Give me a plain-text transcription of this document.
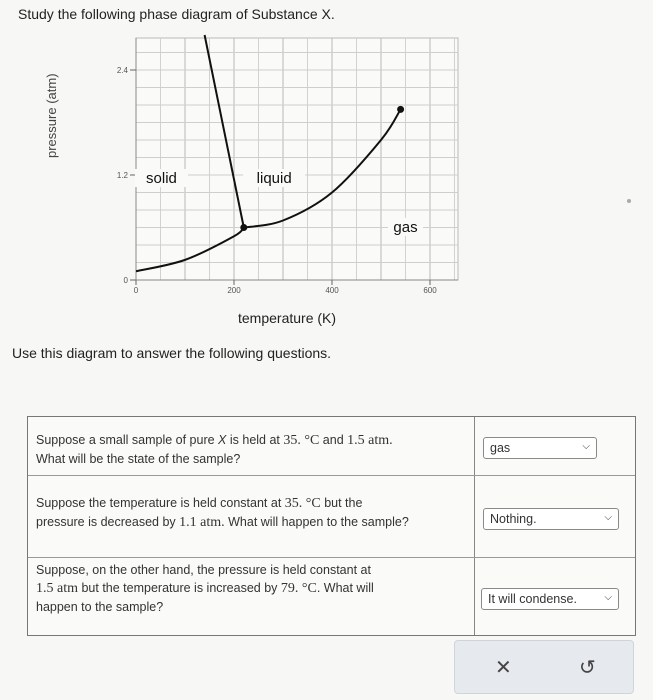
Study the following phase diagram of Substance X.
pressure (atm)
0
1.2
2.4
0	200	400	600
solid	liquid
gas
temperature (K)
Use this diagram to answer the following questions.
Suppose a small sample of pure X is held at 35. °C and 1.5 atm.
What will be the state of the sample?
gas	⌵
Suppose the temperature is held constant at 35. °C but the
pressure is decreased by 1.1 atm. What will happen to the sample?	Nothing.	⌵
Suppose, on the other hand, the pressure is held constant at
1.5 atm but the temperature is increased by 79. °C. What will
happen to the sample?
It will condense.	⌵
✕	↺
